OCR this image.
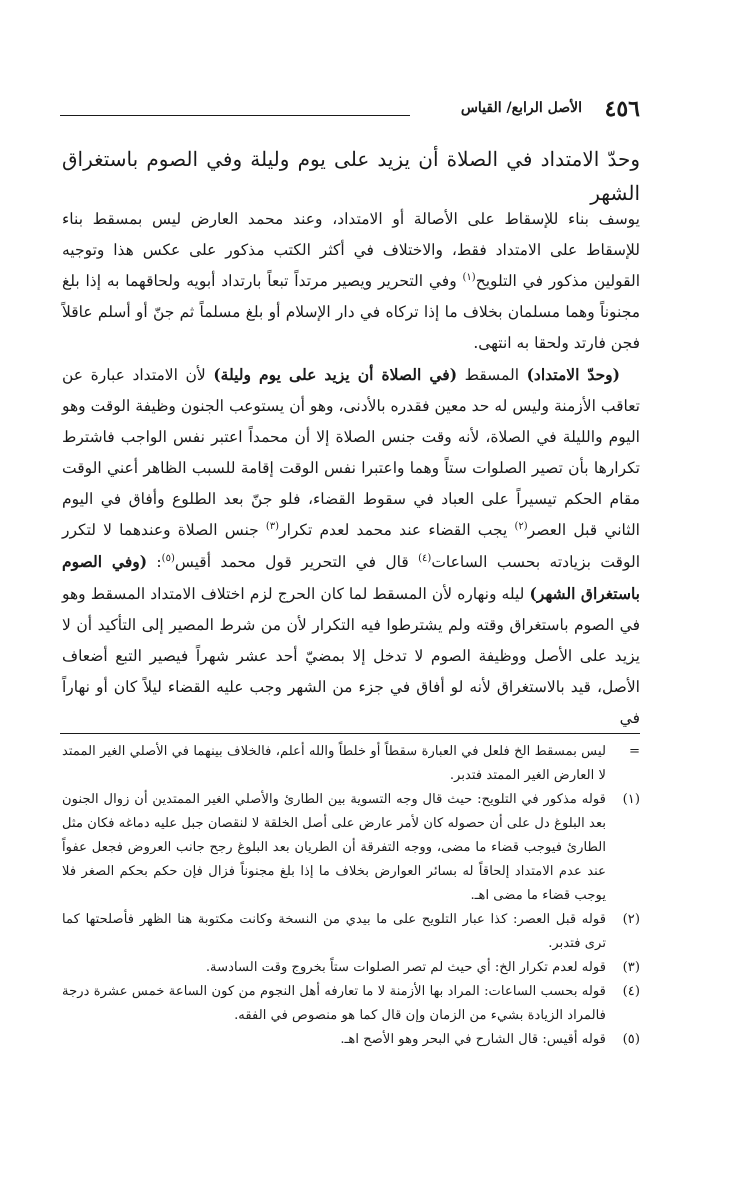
٤٥٦
الأصل الرابع/ القياس

وحدّ الامتداد في الصلاة أن يزيد على يوم وليلة وفي الصوم باستغراق الشهر

يوسف بناء للإسقاط على الأصالة أو الامتداد، وعند محمد العارض ليس بمسقط بناء للإسقاط على الامتداد فقط، والاختلاف في أكثر الكتب مذكور على عكس هذا وتوجيه القولين مذكور في التلويح$^{(١)}$ وفي التحرير ويصير مرتداً تبعاً بارتداد أبويه ولحاقهما به إذا بلغ مجنوناً وهما مسلمان بخلاف ما إذا تركاه في دار الإسلام أو بلغ مسلماً ثم جنّ أو أسلم عاقلاً فجن فارتد ولحقا به انتهى.

(وحدّ الامتداد) المسقط (في الصلاة أن يزيد على يوم وليلة) لأن الامتداد عبارة عن تعاقب الأزمنة وليس له حد معين فقدره بالأدنى، وهو أن يستوعب الجنون وظيفة الوقت وهو اليوم والليلة في الصلاة، لأنه وقت جنس الصلاة إلا أن محمداً اعتبر نفس الواجب فاشترط تكرارها بأن تصير الصلوات ستاً وهما واعتبرا نفس الوقت إقامة للسبب الظاهر أعني الوقت مقام الحكم تيسيراً على العباد في سقوط القضاء، فلو جنّ بعد الطلوع وأفاق في اليوم الثاني قبل العصر$^{(٢)}$ يجب القضاء عند محمد لعدم تكرار$^{(٣)}$ جنس الصلاة وعندهما لا لتكرر الوقت بزيادته بحسب الساعات$^{(٤)}$ قال في التحرير قول محمد أقيس$^{(٥)}$: (وفي الصوم باستغراق الشهر) ليله ونهاره لأن المسقط لما كان الحرج لزم اختلاف الامتداد المسقط وهو في الصوم باستغراق وقته ولم يشترطوا فيه التكرار لأن من شرط المصير إلى التأكيد أن لا يزيد على الأصل ووظيفة الصوم لا تدخل إلا بمضيّ أحد عشر شهراً فيصير التبع أضعاف الأصل، قيد بالاستغراق لأنه لو أفاق في جزء من الشهر وجب عليه القضاء ليلاً كان أو نهاراً في

=
ليس بمسقط الخ فلعل في العبارة سقطاً أو خلطاً والله أعلم، فالخلاف بينهما في الأصلي الغير الممتد لا العارض الغير الممتد فتدبر.
(١)
قوله مذكور في التلويح: حيث قال وجه التسوية بين الطارئ والأصلي الغير الممتدين أن زوال الجنون بعد البلوغ دل على أن حصوله كان لأمر عارض على أصل الخلقة لا لنقصان جبل عليه دماغه فكان مثل الطارئ فيوجب قضاء ما مضى، ووجه التفرقة أن الطريان بعد البلوغ رجح جانب العروض فجعل عفواً عند عدم الامتداد إلحاقاً له بسائر العوارض بخلاف ما إذا بلغ مجنوناً فزال فإن حكم بحكم الصغر فلا يوجب قضاء ما مضى اهـ.
(٢)
قوله قبل العصر: كذا عبار التلويح على ما بيدي من النسخة وكانت مكتوبة هنا الظهر فأصلحتها كما ترى فتدبر.
(٣)
قوله لعدم تكرار الخ: أي حيث لم تصر الصلوات ستاً بخروج وقت السادسة.
(٤)
قوله بحسب الساعات: المراد بها الأزمنة لا ما تعارفه أهل النجوم من كون الساعة خمس عشرة درجة فالمراد الزيادة بشيء من الزمان وإن قال كما هو منصوص في الفقه.
(٥)
قوله أقيس: قال الشارح في البحر وهو الأصح اهـ.
